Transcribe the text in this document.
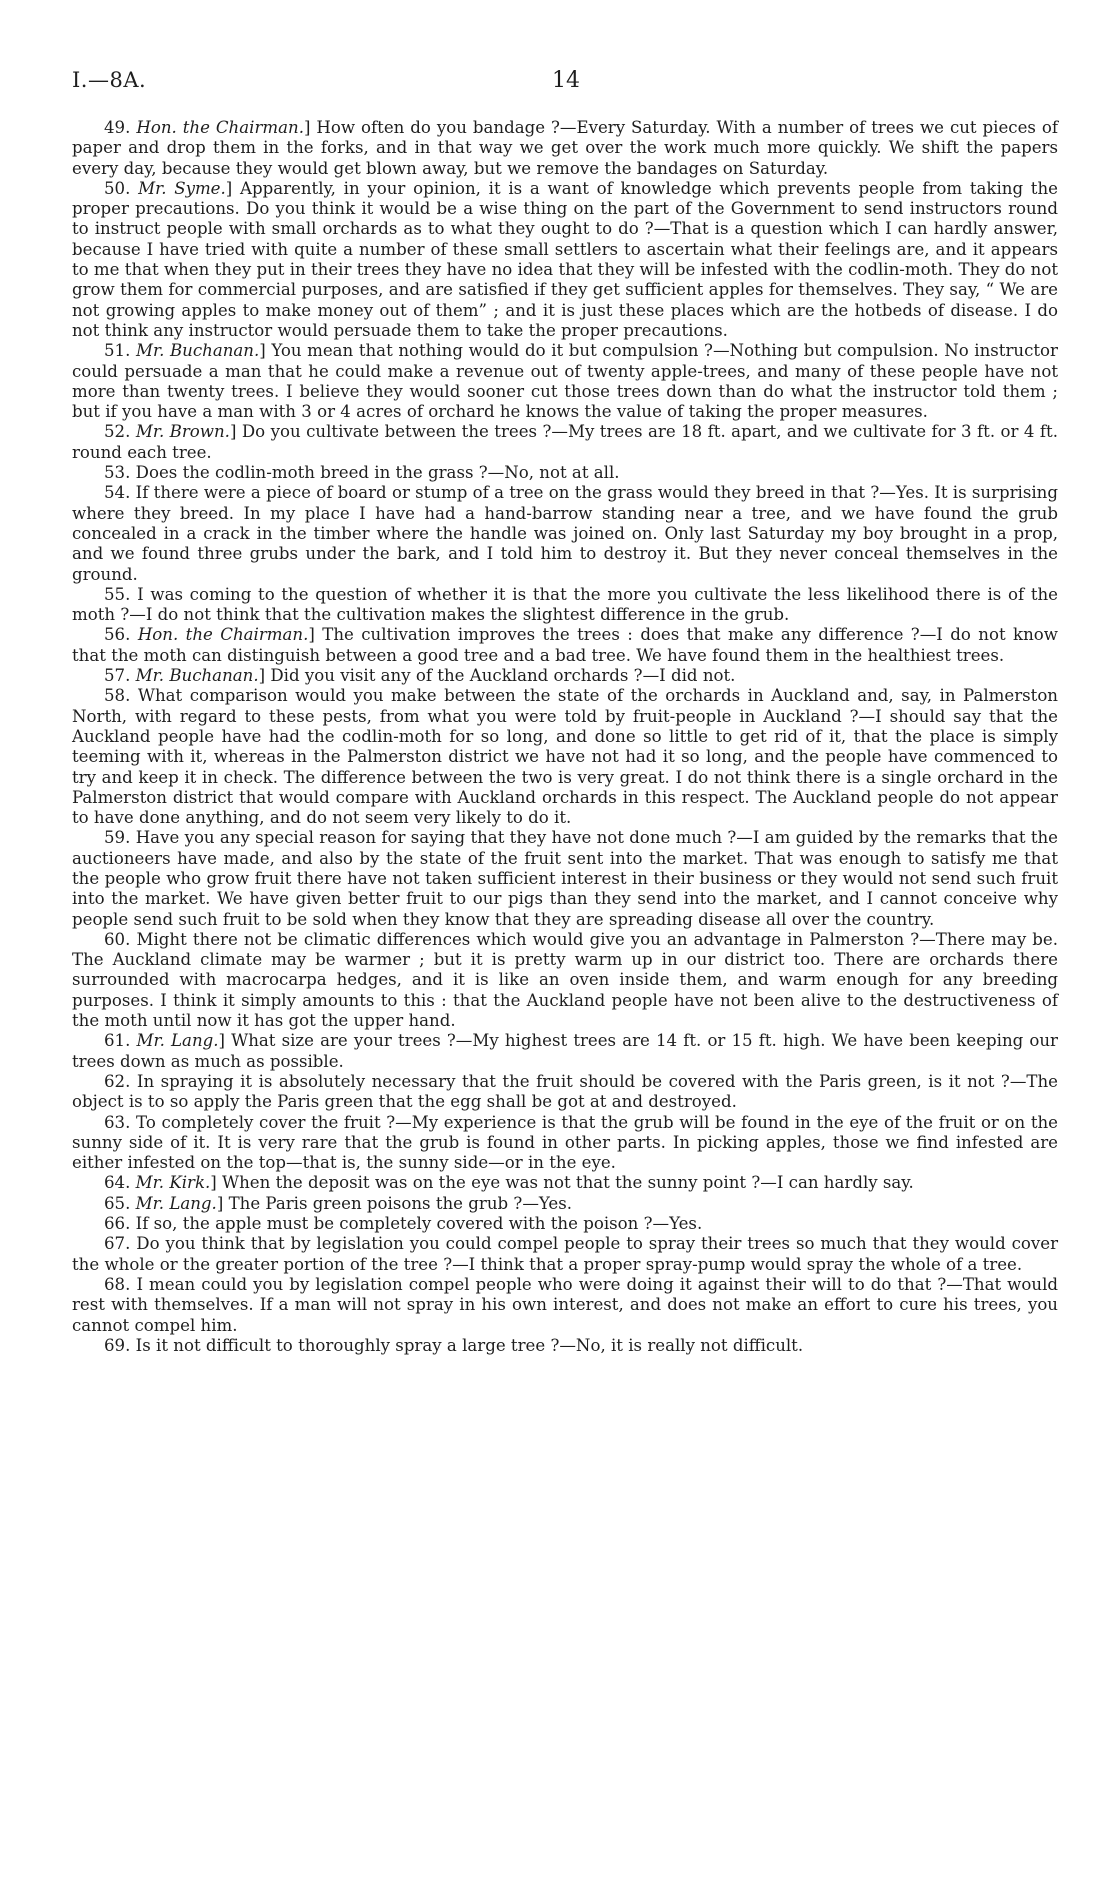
I.—8A.	14

49. Hon. the Chairman.] How often do you bandage ?—Every Saturday. With a number of trees we cut pieces of paper and drop them in the forks, and in that way we get over the work much more quickly. We shift the papers every day, because they would get blown away, but we remove the bandages on Saturday.

50. Mr. Syme.] Apparently, in your opinion, it is a want of knowledge which prevents people from taking the proper precautions. Do you think it would be a wise thing on the part of the Government to send instructors round to instruct people with small orchards as to what they ought to do ?—That is a question which I can hardly answer, because I have tried with quite a number of these small settlers to ascertain what their feelings are, and it appears to me that when they put in their trees they have no idea that they will be infested with the codlin-moth. They do not grow them for commercial purposes, and are satisfied if they get sufficient apples for themselves. They say, “ We are not growing apples to make money out of them” ; and it is just these places which are the hotbeds of disease. I do not think any instructor would persuade them to take the proper precautions.

51. Mr. Buchanan.] You mean that nothing would do it but compulsion ?—Nothing but compulsion. No instructor could persuade a man that he could make a revenue out of twenty apple-trees, and many of these people have not more than twenty trees. I believe they would sooner cut those trees down than do what the instructor told them ; but if you have a man with 3 or 4 acres of orchard he knows the value of taking the proper measures.

52. Mr. Brown.] Do you cultivate between the trees ?—My trees are 18 ft. apart, and we cultivate for 3 ft. or 4 ft. round each tree.

53. Does the codlin-moth breed in the grass ?—No, not at all.

54. If there were a piece of board or stump of a tree on the grass would they breed in that ?—Yes. It is surprising where they breed. In my place I have had a hand-barrow standing near a tree, and we have found the grub concealed in a crack in the timber where the handle was joined on. Only last Saturday my boy brought in a prop, and we found three grubs under the bark, and I told him to destroy it. But they never conceal themselves in the ground.

55. I was coming to the question of whether it is that the more you cultivate the less likelihood there is of the moth ?—I do not think that the cultivation makes the slightest difference in the grub.

56. Hon. the Chairman.] The cultivation improves the trees : does that make any difference ?—I do not know that the moth can distinguish between a good tree and a bad tree. We have found them in the healthiest trees.

57. Mr. Buchanan.] Did you visit any of the Auckland orchards ?—I did not.

58. What comparison would you make between the state of the orchards in Auckland and, say, in Palmerston North, with regard to these pests, from what you were told by fruit-people in Auckland ?—I should say that the Auckland people have had the codlin-moth for so long, and done so little to get rid of it, that the place is simply teeming with it, whereas in the Palmerston district we have not had it so long, and the people have commenced to try and keep it in check. The difference between the two is very great. I do not think there is a single orchard in the Palmerston district that would compare with Auckland orchards in this respect. The Auckland people do not appear to have done anything, and do not seem very likely to do it.

59. Have you any special reason for saying that they have not done much ?—I am guided by the remarks that the auctioneers have made, and also by the state of the fruit sent into the market. That was enough to satisfy me that the people who grow fruit there have not taken sufficient interest in their business or they would not send such fruit into the market. We have given better fruit to our pigs than they send into the market, and I cannot conceive why people send such fruit to be sold when they know that they are spreading disease all over the country.

60. Might there not be climatic differences which would give you an advantage in Palmerston ?—There may be. The Auckland climate may be warmer ; but it is pretty warm up in our district too. There are orchards there surrounded with macrocarpa hedges, and it is like an oven inside them, and warm enough for any breeding purposes. I think it simply amounts to this : that the Auckland people have not been alive to the destructiveness of the moth until now it has got the upper hand.

61. Mr. Lang.] What size are your trees ?—My highest trees are 14 ft. or 15 ft. high. We have been keeping our trees down as much as possible.

62. In spraying it is absolutely necessary that the fruit should be covered with the Paris green, is it not ?—The object is to so apply the Paris green that the egg shall be got at and destroyed.

63. To completely cover the fruit ?—My experience is that the grub will be found in the eye of the fruit or on the sunny side of it. It is very rare that the grub is found in other parts. In picking apples, those we find infested are either infested on the top—that is, the sunny side—or in the eye.

64. Mr. Kirk.] When the deposit was on the eye was not that the sunny point ?—I can hardly say.

65. Mr. Lang.] The Paris green poisons the grub ?—Yes.

66. If so, the apple must be completely covered with the poison ?—Yes.

67. Do you think that by legislation you could compel people to spray their trees so much that they would cover the whole or the greater portion of the tree ?—I think that a proper spray-pump would spray the whole of a tree.

68. I mean could you by legislation compel people who were doing it against their will to do that ?—That would rest with themselves. If a man will not spray in his own interest, and does not make an effort to cure his trees, you cannot compel him.

69. Is it not difficult to thoroughly spray a large tree ?—No, it is really not difficult.
